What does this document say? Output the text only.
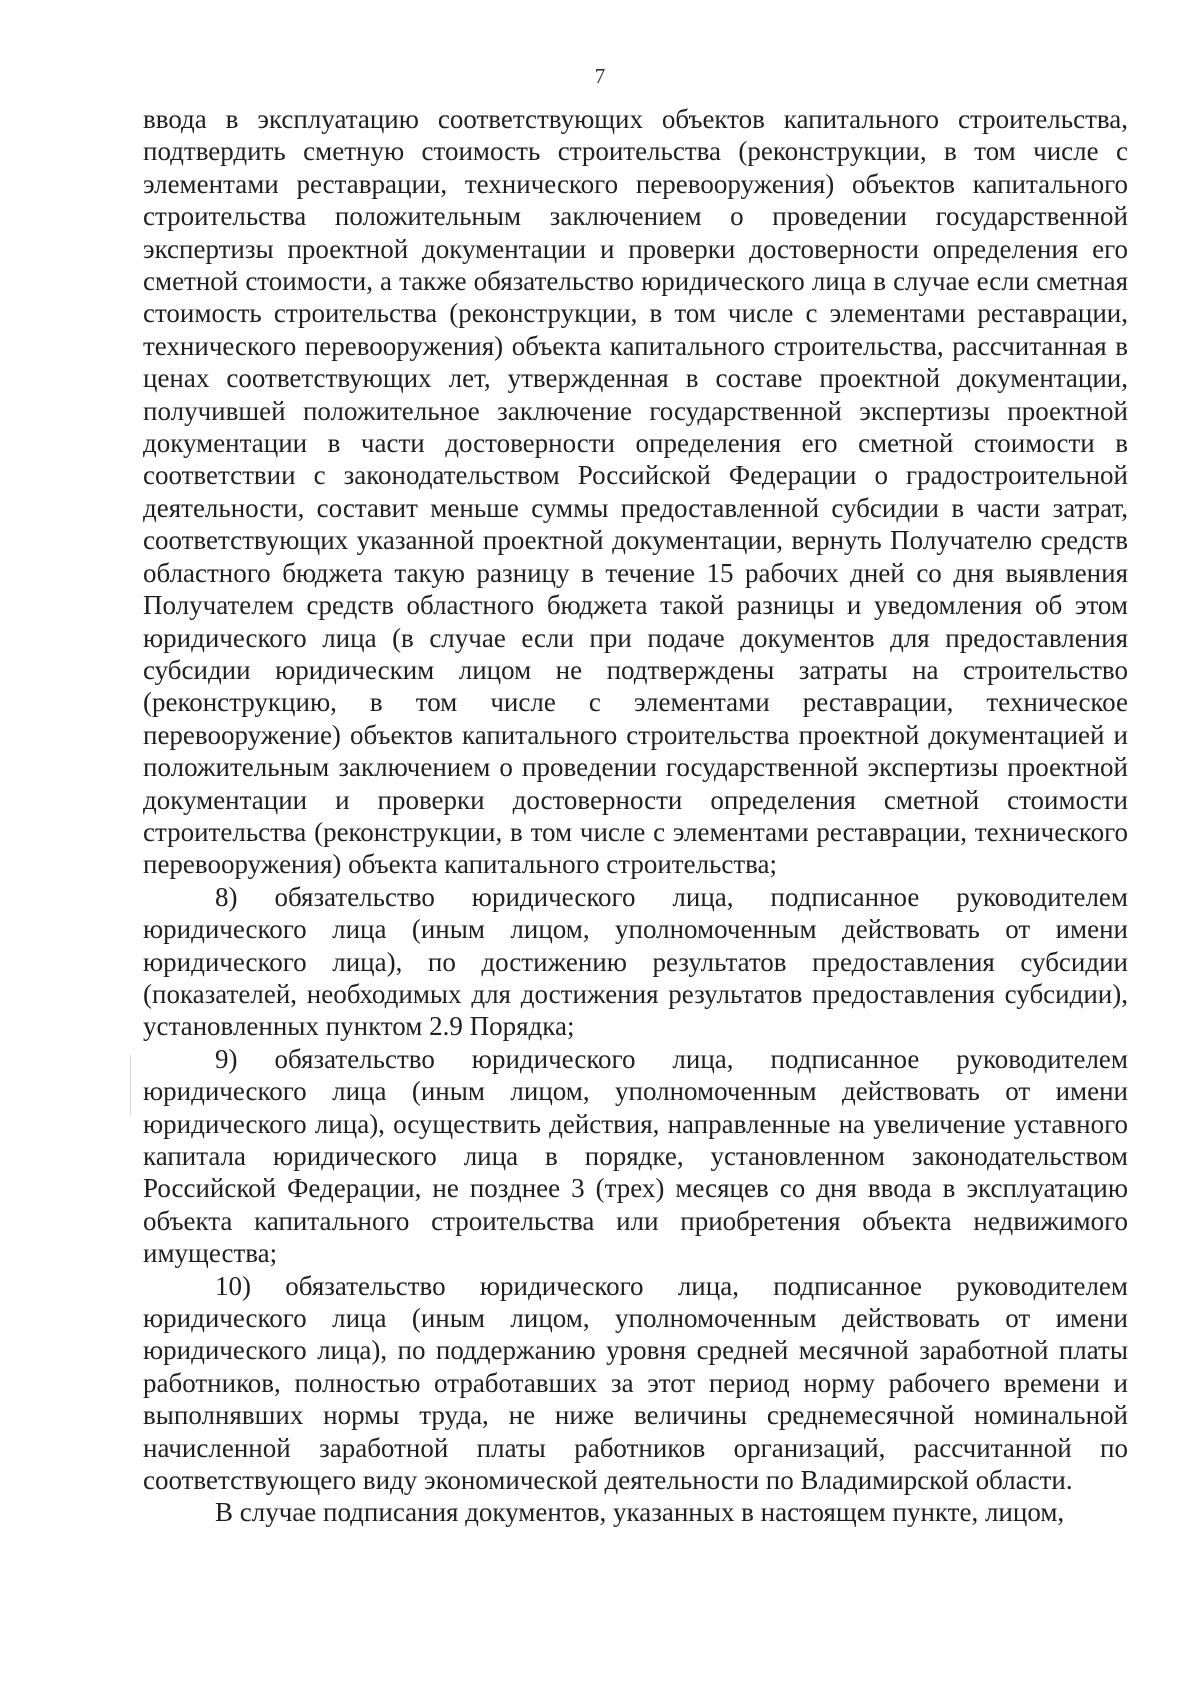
7

ввода в эксплуатацию соответствующих объектов капитального строительства, подтвердить сметную стоимость строительства (реконструкции, в том числе с элементами реставрации, технического перевооружения) объектов капитального строительства положительным заключением о проведении государственной экспертизы проектной документации и проверки достоверности определения его сметной стоимости, а также обязательство юридического лица в случае если сметная стоимость строительства (реконструкции, в том числе с элементами реставрации, технического перевооружения) объекта капитального строительства, рассчитанная в ценах соответствующих лет, утвержденная в составе проектной документации, получившей положительное заключение государственной экспертизы проектной документации в части достоверности определения его сметной стоимости в соответствии с законодательством Российской Федерации о градостроительной деятельности, составит меньше суммы предоставленной субсидии в части затрат, соответствующих указанной проектной документации, вернуть Получателю средств областного бюджета такую разницу в течение 15 рабочих дней со дня выявления Получателем средств областного бюджета такой разницы и уведомления об этом юридического лица (в случае если при подаче документов для предоставления субсидии юридическим лицом не подтверждены затраты на строительство (реконструкцию, в том числе с элементами реставрации, техническое перевооружение) объектов капитального строительства проектной документацией и положительным заключением о проведении государственной экспертизы проектной документации и проверки достоверности определения сметной стоимости строительства (реконструкции, в том числе с элементами реставрации, технического перевооружения) объекта капитального строительства;

8) обязательство юридического лица, подписанное руководителем юридического лица (иным лицом, уполномоченным действовать от имени юридического лица), по достижению результатов предоставления субсидии (показателей, необходимых для достижения результатов предоставления субсидии), установленных пунктом 2.9 Порядка;

9) обязательство юридического лица, подписанное руководителем юридического лица (иным лицом, уполномоченным действовать от имени юридического лица), осуществить действия, направленные на увеличение уставного капитала юридического лица в порядке, установленном законодательством Российской Федерации, не позднее 3 (трех) месяцев со дня ввода в эксплуатацию объекта капитального строительства или приобретения объекта недвижимого имущества;

10) обязательство юридического лица, подписанное руководителем юридического лица (иным лицом, уполномоченным действовать от имени юридического лица), по поддержанию уровня средней месячной заработной платы работников, полностью отработавших за этот период норму рабочего времени и выполнявших нормы труда, не ниже величины среднемесячной номинальной начисленной заработной платы работников организаций, рассчитанной по соответствующего виду экономической деятельности по Владимирской области.

В случае подписания документов, указанных в настоящем пункте, лицом,
